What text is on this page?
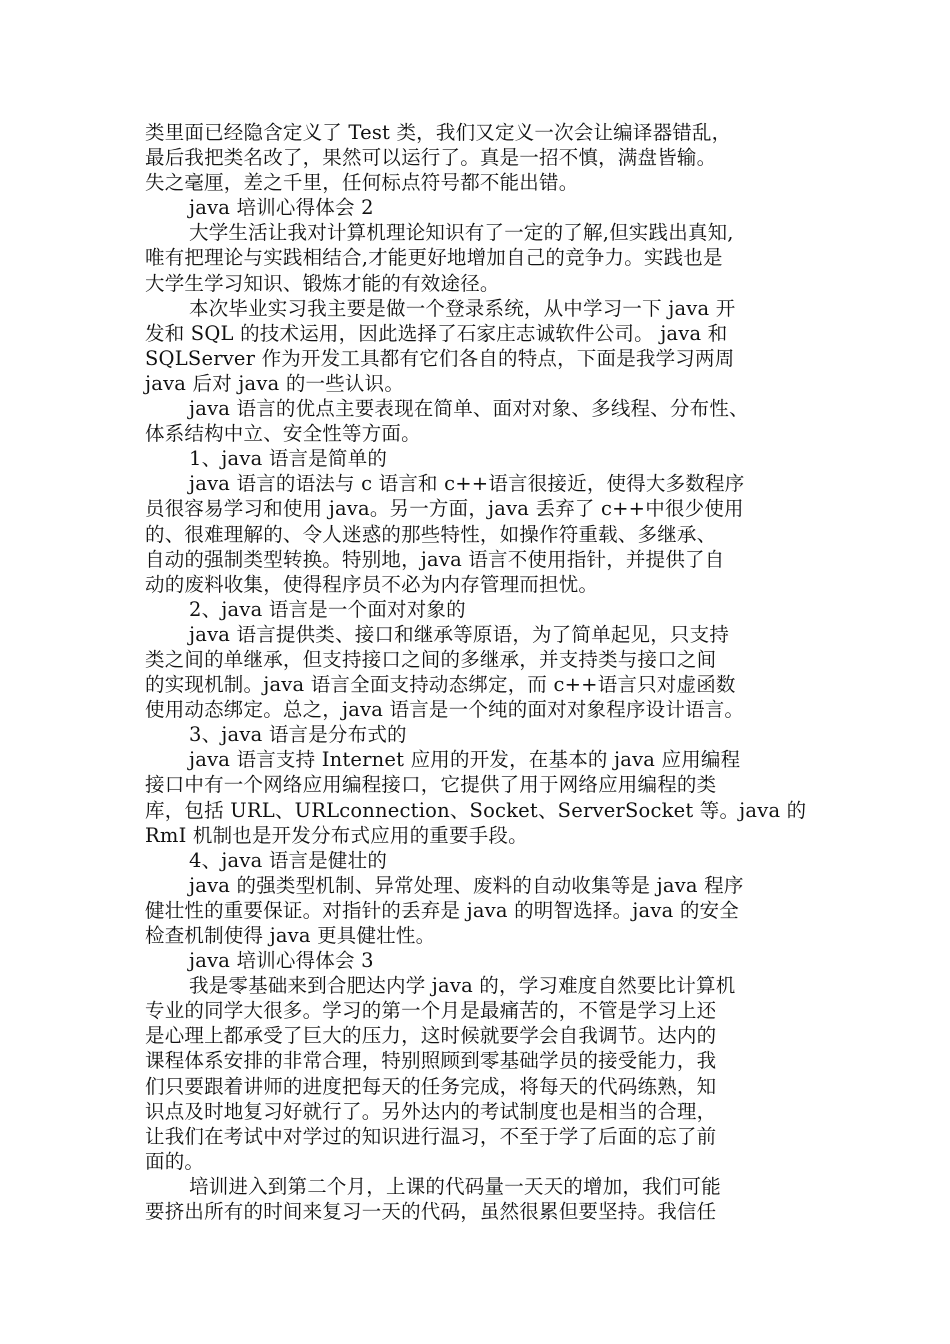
类里面已经隐含定义了 Test 类，我们又定义一次会让编译器错乱，
最后我把类名改了，果然可以运行了。真是一招不慎，满盘皆输。
失之毫厘，差之千里，任何标点符号都不能出错。

java 培训心得体会 2

大学生活让我对计算机理论知识有了一定的了解,但实践出真知,
唯有把理论与实践相结合,才能更好地增加自己的竞争力。实践也是
大学生学习知识、锻炼才能的有效途径。

本次毕业实习我主要是做一个登录系统，从中学习一下 java 开
发和 SQL 的技术运用，因此选择了石家庄志诚软件公司。 java 和
SQLServer 作为开发工具都有它们各自的特点，下面是我学习两周
java 后对 java 的一些认识。

java 语言的优点主要表现在简单、面对对象、多线程、分布性、
体系结构中立、安全性等方面。

1、java 语言是简单的

java 语言的语法与 c 语言和 c++语言很接近，使得大多数程序
员很容易学习和使用 java。另一方面，java 丢弃了 c++中很少使用
的、很难理解的、令人迷惑的那些特性，如操作符重载、多继承、
自动的强制类型转换。特别地，java 语言不使用指针，并提供了自
动的废料收集，使得程序员不必为内存管理而担忧。

2、java 语言是一个面对对象的

java 语言提供类、接口和继承等原语，为了简单起见，只支持
类之间的单继承，但支持接口之间的多继承，并支持类与接口之间
的实现机制。java 语言全面支持动态绑定，而 c++语言只对虚函数
使用动态绑定。总之，java 语言是一个纯的面对对象程序设计语言。

3、java 语言是分布式的

java 语言支持 Internet 应用的开发，在基本的 java 应用编程
接口中有一个网络应用编程接口，它提供了用于网络应用编程的类
库，包括 URL、URLconnection、Socket、ServerSocket 等。java 的
RmI 机制也是开发分布式应用的重要手段。

4、java 语言是健壮的

java 的强类型机制、异常处理、废料的自动收集等是 java 程序
健壮性的重要保证。对指针的丢弃是 java 的明智选择。java 的安全
检查机制使得 java 更具健壮性。

java 培训心得体会 3

我是零基础来到合肥达内学 java 的，学习难度自然要比计算机
专业的同学大很多。学习的第一个月是最痛苦的，不管是学习上还
是心理上都承受了巨大的压力，这时候就要学会自我调节。达内的
课程体系安排的非常合理，特别照顾到零基础学员的接受能力，我
们只要跟着讲师的进度把每天的任务完成，将每天的代码练熟，知
识点及时地复习好就行了。另外达内的考试制度也是相当的合理，
让我们在考试中对学过的知识进行温习，不至于学了后面的忘了前
面的。

培训进入到第二个月，上课的代码量一天天的增加，我们可能
要挤出所有的时间来复习一天的代码，虽然很累但要坚持。我信任
